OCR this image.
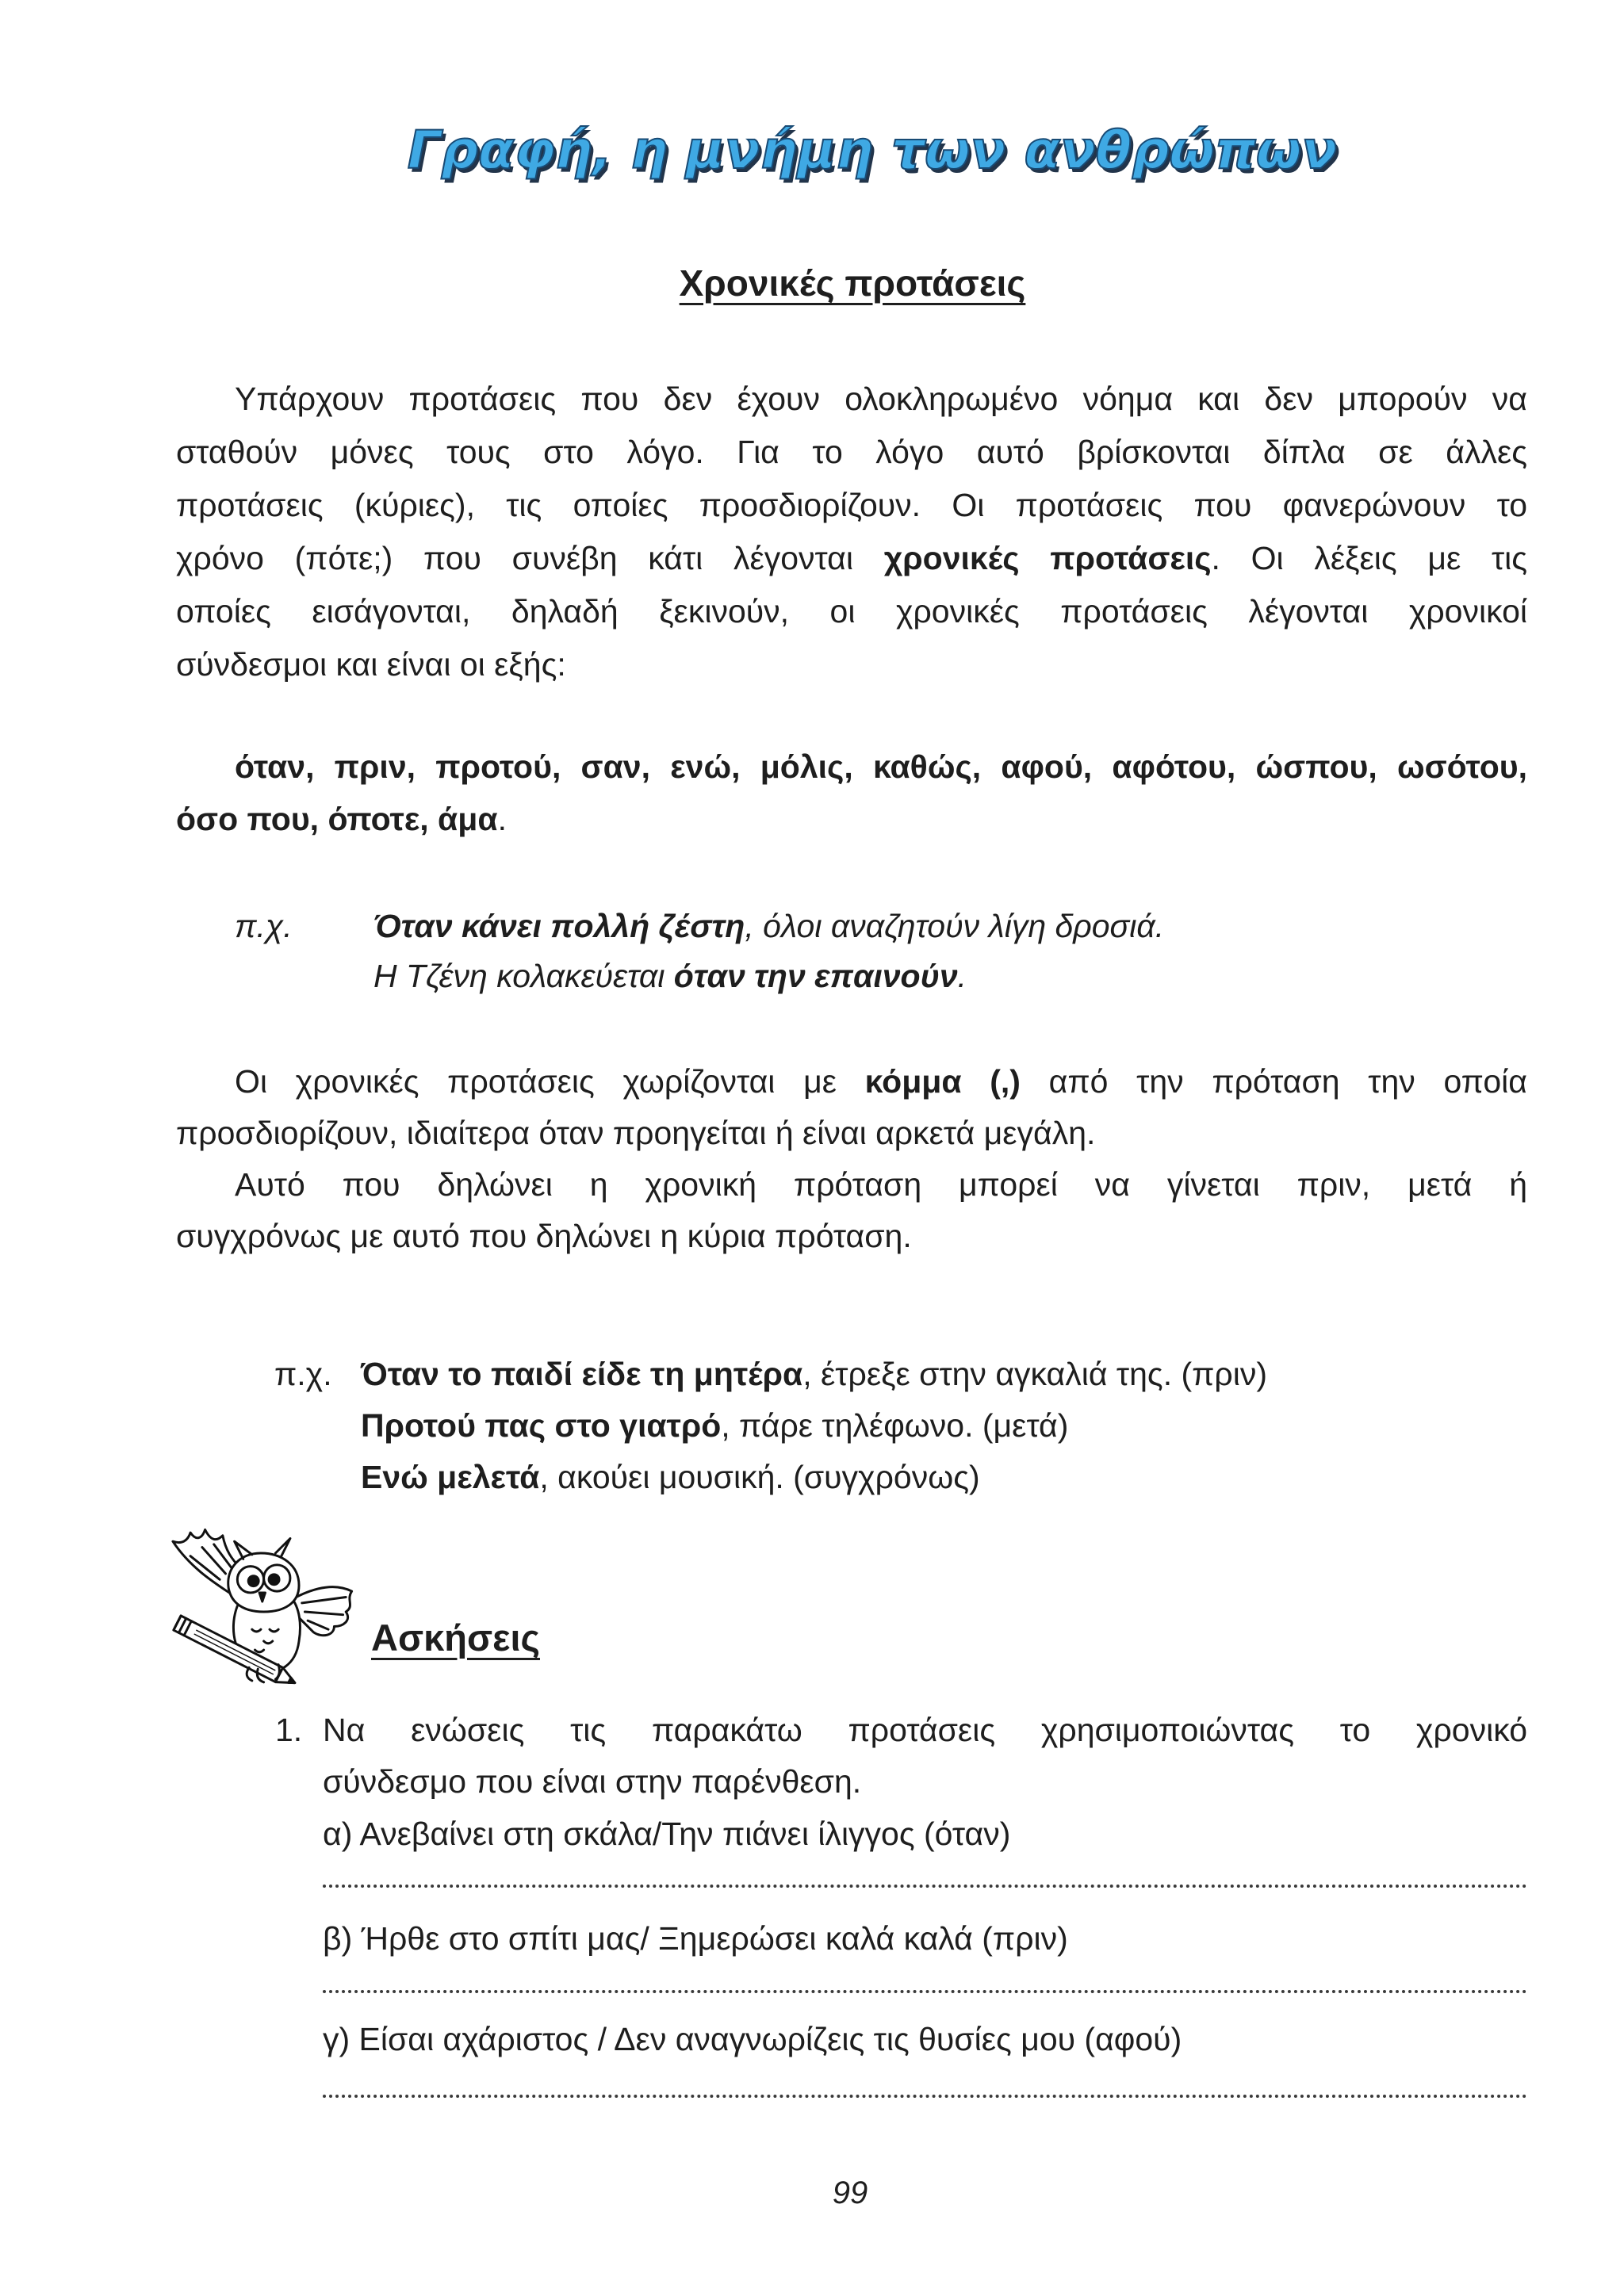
Γραφή, η μνήμη των ανθρώπων
Χρονικές προτάσεις
Υπάρχουν προτάσεις που δεν έχουν ολοκληρωμένο νόημα και δεν μπορούν να
σταθούν μόνες τους στο λόγο. Για το λόγο αυτό βρίσκονται δίπλα σε άλλες
προτάσεις (κύριες), τις οποίες προσδιορίζουν. Οι προτάσεις που φανερώνουν το
χρόνο (πότε;) που συνέβη κάτι λέγονται χρονικές προτάσεις. Οι λέξεις με τις
οποίες εισάγονται, δηλαδή ξεκινούν, οι χρονικές προτάσεις λέγονται χρονικοί
σύνδεσμοι και είναι οι εξής:
όταν, πριν, προτού, σαν, ενώ, μόλις, καθώς, αφού, αφότου, ώσπου, ωσότου,
όσο που, όποτε, άμα.
π.χ. Όταν κάνει πολλή ζέστη, όλοι αναζητούν λίγη δροσιά.
Η Τζένη κολακεύεται όταν την επαινούν.
Οι χρονικές προτάσεις χωρίζονται με κόμμα (,) από την πρόταση την οποία
προσδιορίζουν, ιδιαίτερα όταν προηγείται ή είναι αρκετά μεγάλη.
Αυτό που δηλώνει η χρονική πρόταση μπορεί να γίνεται πριν, μετά ή
συγχρόνως με αυτό που δηλώνει η κύρια πρόταση.
π.χ. Όταν το παιδί είδε τη μητέρα, έτρεξε στην αγκαλιά της. (πριν)
Προτού πας στο γιατρό, πάρε τηλέφωνο. (μετά)
Ενώ μελετά, ακούει μουσική. (συγχρόνως)
Ασκήσεις
1. Να ενώσεις τις παρακάτω προτάσεις χρησιμοποιώντας το χρονικό
σύνδεσμο που είναι στην παρένθεση.
α) Ανεβαίνει στη σκάλα/Την πιάνει ίλιγγος (όταν)
β) Ήρθε στο σπίτι μας/ Ξημερώσει καλά καλά (πριν)
γ) Είσαι αχάριστος / Δεν αναγνωρίζεις τις θυσίες μου (αφού)
99
